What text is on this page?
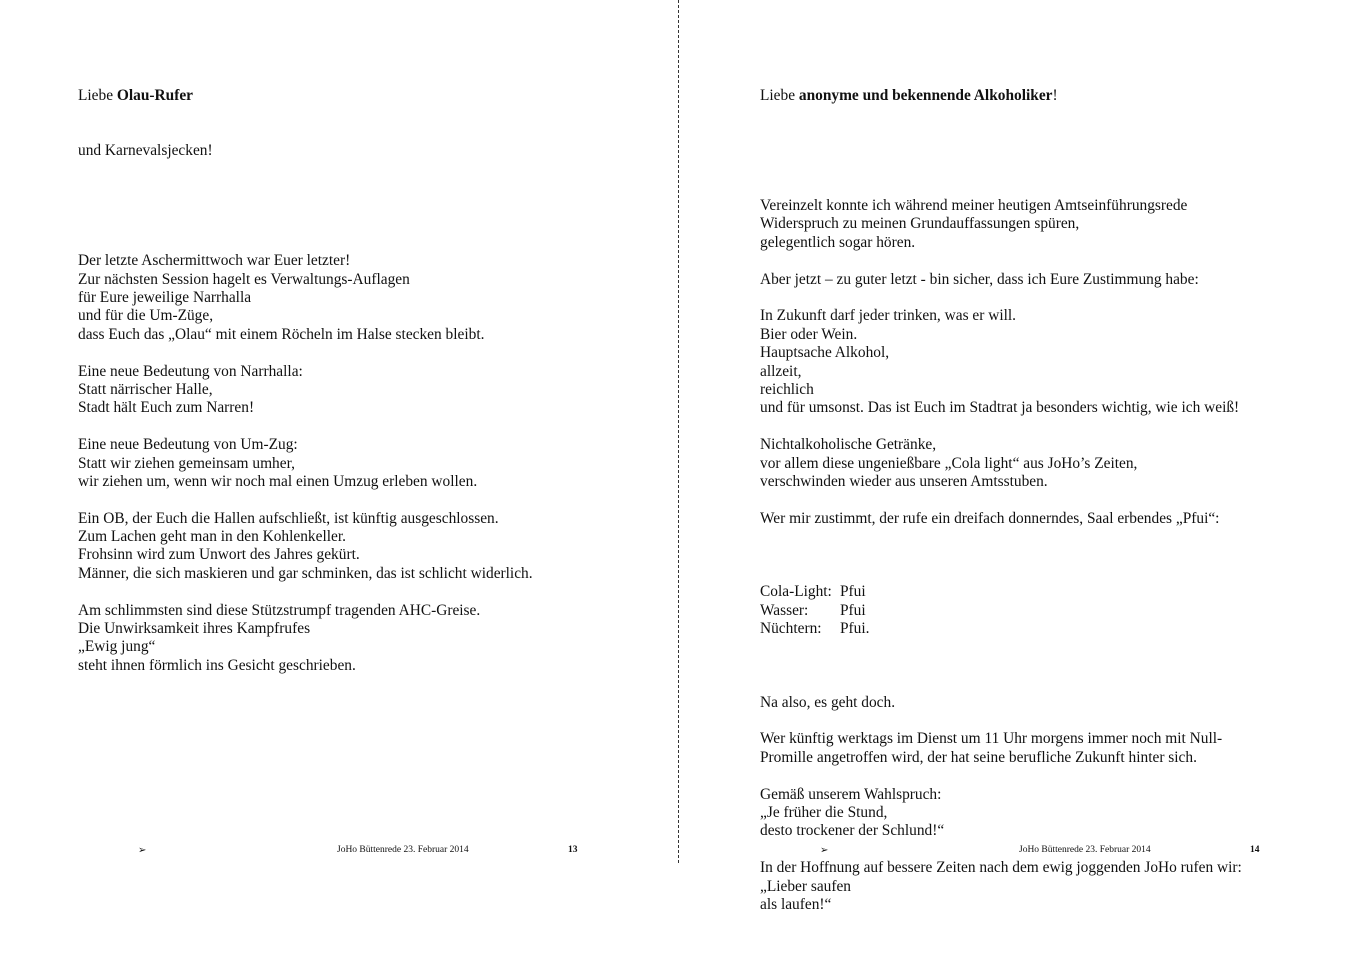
Liebe Olau-Rufer

und Karnevalsjecken!

Der letzte Aschermittwoch war Euer letzter!
Zur nächsten Session hagelt es Verwaltungs-Auflagen
für Eure jeweilige Narrhalla
und für die Um-Züge,
dass Euch das „Olau“ mit einem Röcheln im Halse stecken bleibt.
Eine neue Bedeutung von Narrhalla:
Statt närrischer Halle,
Stadt hält Euch zum Narren!
Eine neue Bedeutung von Um-Zug:
Statt wir ziehen gemeinsam umher,
wir ziehen um, wenn wir noch mal einen Umzug erleben wollen.
Ein OB, der Euch die Hallen aufschließt, ist künftig ausgeschlossen.
Zum Lachen geht man in den Kohlenkeller.
Frohsinn wird zum Unwort des Jahres gekürt.
Männer, die sich maskieren und gar schminken, das ist schlicht widerlich.
Am schlimmsten sind diese Stützstrumpf tragenden AHC-Greise.
Die Unwirksamkeit ihres Kampfrufes
„Ewig jung“
steht ihnen förmlich ins Gesicht geschrieben.

➢	JoHo Büttenrede 23. Februar 2014	13

Liebe anonyme und bekennende Alkoholiker!

Vereinzelt konnte ich während meiner heutigen Amtseinführungsrede
Widerspruch zu meinen Grundauffassungen spüren,
gelegentlich sogar hören.
Aber jetzt – zu guter letzt - bin sicher, dass ich Eure Zustimmung habe:
In Zukunft darf jeder trinken, was er will.
Bier oder Wein.
Hauptsache Alkohol,
allzeit,
reichlich
und für umsonst. Das ist Euch im Stadtrat ja besonders wichtig, wie ich weiß!
Nichtalkoholische Getränke,
vor allem diese ungenießbare „Cola light“ aus JoHo’s Zeiten,
verschwinden wieder aus unseren Amtsstuben.
Wer mir zustimmt, der rufe ein dreifach donnerndes, Saal erbendes „Pfui“:

Cola-Light: Pfui
Wasser: Pfui
Nüchtern: Pfui.

Na also, es geht doch.
Wer künftig werktags im Dienst um 11 Uhr morgens immer noch mit Null-
Promille angetroffen wird, der hat seine berufliche Zukunft hinter sich.
Gemäß unserem Wahlspruch:
„Je früher die Stund,
desto trockener der Schlund!“
In der Hoffnung auf bessere Zeiten nach dem ewig joggenden JoHo rufen wir:
„Lieber saufen
als laufen!“

➢	JoHo Büttenrede 23. Februar 2014	14
